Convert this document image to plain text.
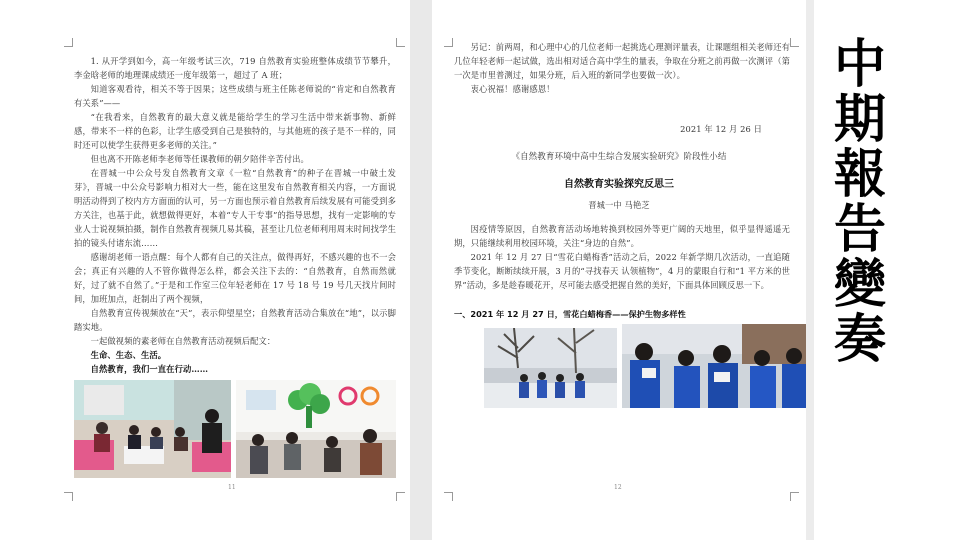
1. 从开学到如今，高一年级考试三次，719 自然教育实验班整体成绩节节攀升，李金晗老师的地理课成绩还一度年级第一，超过了 A 班；

知道客观看待，相关不等于因果；这些成绩与班主任陈老师说的“肯定和自然教育有关系”——

“在我看来，自然教育的最大意义就是能给学生的学习生活中带来新事物、新鲜感，带来不一样的色彩，让学生感受到自己是独特的，与其他班的孩子是不一样的，同时还可以使学生获得更多老师的关注。”

但也离不开陈老师李老师等任课教师的朝夕陪伴辛苦付出。

在晋城一中公众号发自然教育文章《一粒“自然教育”的种子在晋城一中破土发芽》，晋城一中公众号影响力相对大一些，能在这里发布自然教育相关内容，一方面说明活动得到了校内方方面面的认可，另一方面也预示着自然教育后续发展有可能受到多方关注，也基于此，就想做得更好，本着“专人干专事”的指导思想，找有一定影响的专业人士说视频拍摄，制作自然教育视频几易其稿，甚至让几位老师利用周末时间找学生拍的镜头付诸东流……

感谢胡老师一语点醒：每个人都有自己的关注点，做得再好，不感兴趣的也不一会会；真正有兴趣的人不管你做得怎么样，都会关注下去的：“自然教育，自然而然就好，过了就不自然了。”于是和工作室三位年轻老师在 17 号 18 号 19 号几天找片间时间，加班加点，赶制出了两个视频，

自然教育宣传视频放在“天”，表示仰望星空；自然教育活动合集放在“地”，以示脚踏实地。

一起做视频的素老师在自然教育活动视频后配文：

生命、生态、生活。

自然教育，我们一直在行动……

11

另记：前两周，和心理中心的几位老师一起挑选心理测评量表，让课题组相关老师还有几位年轻老师一起试做，选出相对适合高中学生的量表，争取在分班之前再做一次测评（第一次是市里普测过，如果分班，后入班的新同学也要做一次）。

衷心祝福！感谢感恩！

2021 年 12 月 26 日
《自然教育环境中高中生综合发展实验研究》阶段性小结
自然教育实验探究反思三
晋城一中 马艳芝

因疫情等原因，自然教育活动场地转换到校园外等更广阔的天地里，似乎显得遥遥无期，只能继续利用校园环境，关注“身边的自然”。

2021 年 12 月 27 日“雪花白蜡梅香”活动之后，2022 年新学期几次活动，一直追随季节变化，断断续续开展，3 月的“寻找春天 认领植物”，4 月的蒙眼自行和“1 平方米的世界”活动，多是趁春暖花开，尽可能去感受把握自然的美好，下面具体回顾反思一下。

一、2021 年 12 月 27 日，雪花白蜡梅香——保护生物多样性
12
中
期
報
告
變
奏
